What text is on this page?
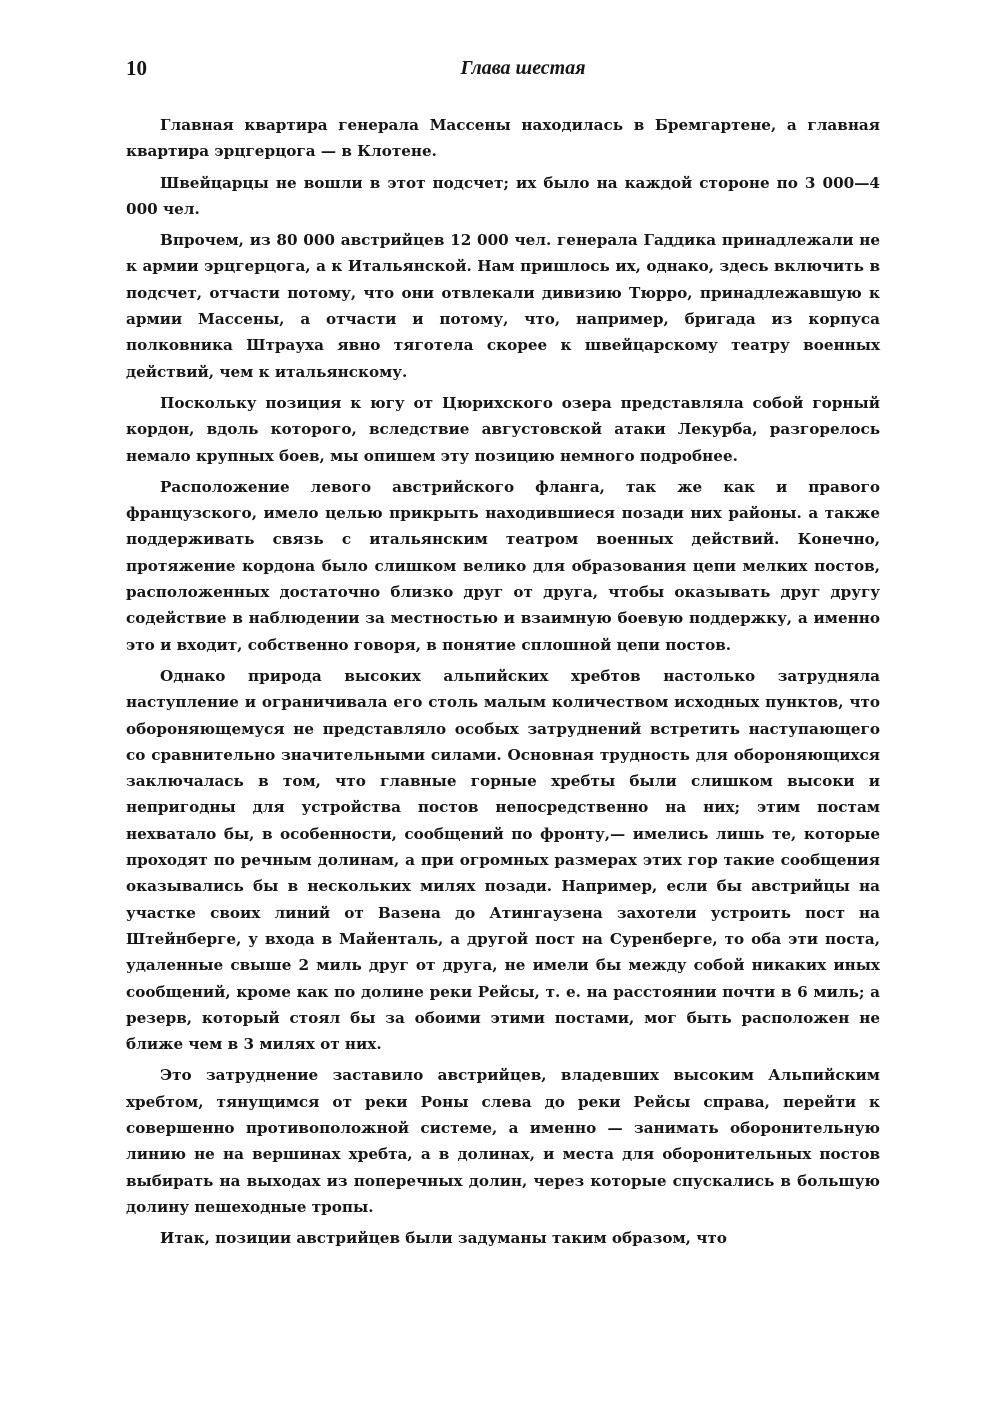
10	Глава шестая

Главная квартира генерала Массены находилась в Бремгартене, а главная квартира эрцгерцога — в Клотене.

Швейцарцы не вошли в этот подсчет; их было на каждой стороне по 3 000—4 000 чел.

Впрочем, из 80 000 австрийцев 12 000 чел. генерала Гаддика принадлежали не к армии эрцгерцога, а к Итальянской. Нам пришлось их, однако, здесь включить в подсчет, отчасти потому, что они отвлекали дивизию Тюрро, принадлежавшую к армии Массены, а отчасти и потому, что, например, бригада из корпуса полковника Штрауха явно тяготела скорее к швейцарскому театру военных действий, чем к итальянскому.

Поскольку позиция к югу от Цюрихского озера представляла собой горный кордон, вдоль которого, вследствие августовской атаки Лекурба, разгорелось немало крупных боев, мы опишем эту позицию немного подробнее.

Расположение левого австрийского фланга, так же как и правого французского, имело целью прикрыть находившиеся позади них районы. а также поддерживать связь с итальянским театром военных действий. Конечно, протяжение кордона было слишком велико для образования цепи мелких постов, расположенных достаточно близко друг от друга, чтобы оказывать друг другу содействие в наблюдении за местностью и взаимную боевую поддержку, а именно это и входит, собственно говоря, в понятие сплошной цепи постов.

Однако природа высоких альпийских хребтов настолько затрудняла наступление и ограничивала его столь малым количеством исходных пунктов, что обороняющемуся не представляло особых затруднений встретить наступающего со сравнительно значительными силами. Основная трудность для обороняющихся заключалась в том, что главные горные хребты были слишком высоки и непригодны для устройства постов непосредственно на них; этим постам нехватало бы, в особенности, сообщений по фронту,— имелись лишь те, которые проходят по речным долинам, а при огромных размерах этих гор такие сообщения оказывались бы в нескольких милях позади. Например, если бы австрийцы на участке своих линий от Вазена до Атингаузена захотели устроить пост на Штейнберге, у входа в Майенталь, а другой пост на Суренберге, то оба эти поста, удаленные свыше 2 миль друг от друга, не имели бы между собой никаких иных сообщений, кроме как по долине реки Рейсы, т. е. на расстоянии почти в 6 миль; а резерв, который стоял бы за обоими этими постами, мог быть расположен не ближе чем в 3 милях от них.

Это затруднение заставило австрийцев, владевших высоким Альпийским хребтом, тянущимся от реки Роны слева до реки Рейсы справа, перейти к совершенно противоположной системе, а именно — занимать оборонительную линию не на вершинах хребта, а в долинах, и места для оборонительных постов выбирать на выходах из поперечных долин, через которые спускались в большую долину пешеходные тропы.

Итак, позиции австрийцев были задуманы таким образом, что
